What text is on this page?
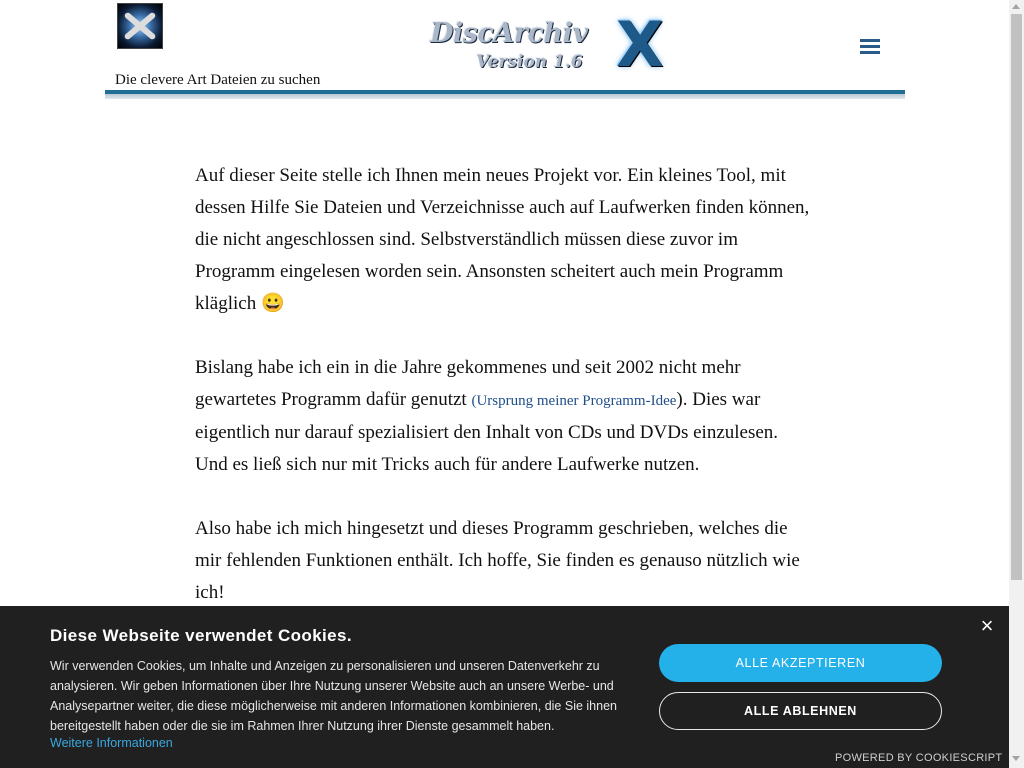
Die clevere Art Dateien zu suchen
DiscArchiv
Version 1.6 X

Auf dieser Seite stelle ich Ihnen mein neues Projekt vor. Ein kleines Tool, mit dessen Hilfe Sie Dateien und Verzeichnisse auch auf Laufwerken finden können, die nicht angeschlossen sind. Selbstverständlich müssen diese zuvor im Programm eingelesen worden sein. Ansonsten scheitert auch mein Programm kläglich 😀

Bislang habe ich ein in die Jahre gekommenes und seit 2002 nicht mehr gewartetes Programm dafür genutzt (Ursprung meiner Programm-Idee). Dies war eigentlich nur darauf spezialisiert den Inhalt von CDs und DVDs einzulesen. Und es ließ sich nur mit Tricks auch für andere Laufwerke nutzen.

Also habe ich mich hingesetzt und dieses Programm geschrieben, welches die mir fehlenden Funktionen enthält. Ich hoffe, Sie finden es genauso nützlich wie ich!

Diese Webseite verwendet Cookies.
Wir verwenden Cookies, um Inhalte und Anzeigen zu personalisieren und unseren Datenverkehr zu analysieren. Wir geben Informationen über Ihre Nutzung unserer Website auch an unsere Werbe- und Analysepartner weiter, die diese möglicherweise mit anderen Informationen kombinieren, die Sie ihnen bereitgestellt haben oder die sie im Rahmen Ihrer Nutzung ihrer Dienste gesammelt haben.
Weitere Informationen
ALLE AKZEPTIEREN
ALLE ABLEHNEN
×
POWERED BY COOKIESCRIPT
